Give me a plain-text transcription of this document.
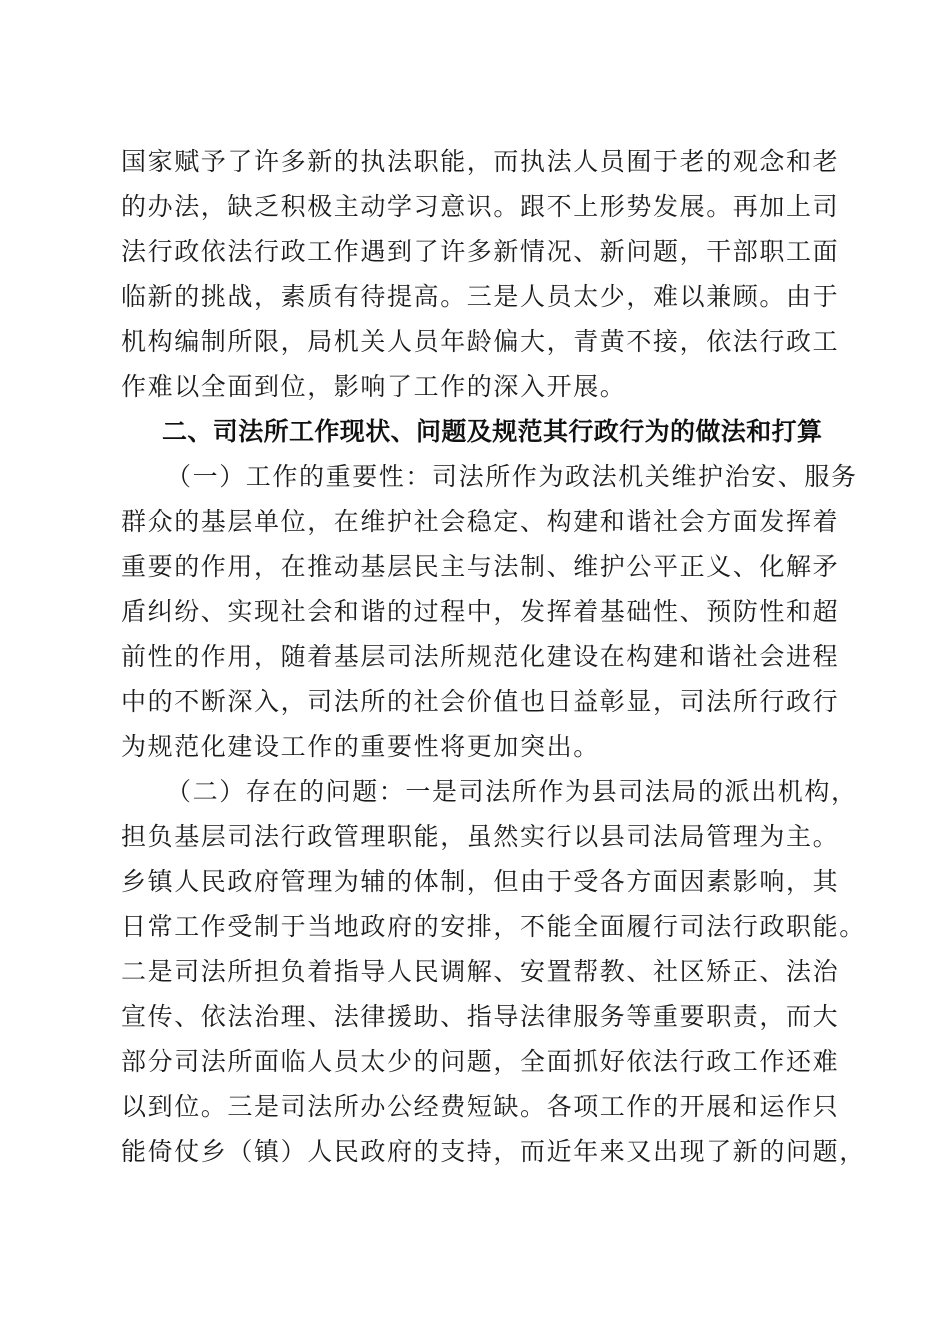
国家赋予了许多新的执法职能，而执法人员囿于老的观念和老
的办法，缺乏积极主动学习意识。跟不上形势发展。再加上司
法行政依法行政工作遇到了许多新情况、新问题，干部职工面
临新的挑战，素质有待提高。三是人员太少，难以兼顾。由于
机构编制所限，局机关人员年龄偏大，青黄不接，依法行政工
作难以全面到位，影响了工作的深入开展。
二、司法所工作现状、问题及规范其行政行为的做法和打算
（一）工作的重要性：司法所作为政法机关维护治安、服务
群众的基层单位，在维护社会稳定、构建和谐社会方面发挥着
重要的作用，在推动基层民主与法制、维护公平正义、化解矛
盾纠纷、实现社会和谐的过程中，发挥着基础性、预防性和超
前性的作用，随着基层司法所规范化建设在构建和谐社会进程
中的不断深入，司法所的社会价值也日益彰显，司法所行政行
为规范化建设工作的重要性将更加突出。
（二）存在的问题：一是司法所作为县司法局的派出机构，
担负基层司法行政管理职能，虽然实行以县司法局管理为主。
乡镇人民政府管理为辅的体制，但由于受各方面因素影响，其
日常工作受制于当地政府的安排，不能全面履行司法行政职能。
二是司法所担负着指导人民调解、安置帮教、社区矫正、法治
宣传、依法治理、法律援助、指导法律服务等重要职责，而大
部分司法所面临人员太少的问题，全面抓好依法行政工作还难
以到位。三是司法所办公经费短缺。各项工作的开展和运作只
能倚仗乡（镇）人民政府的支持，而近年来又出现了新的问题，
